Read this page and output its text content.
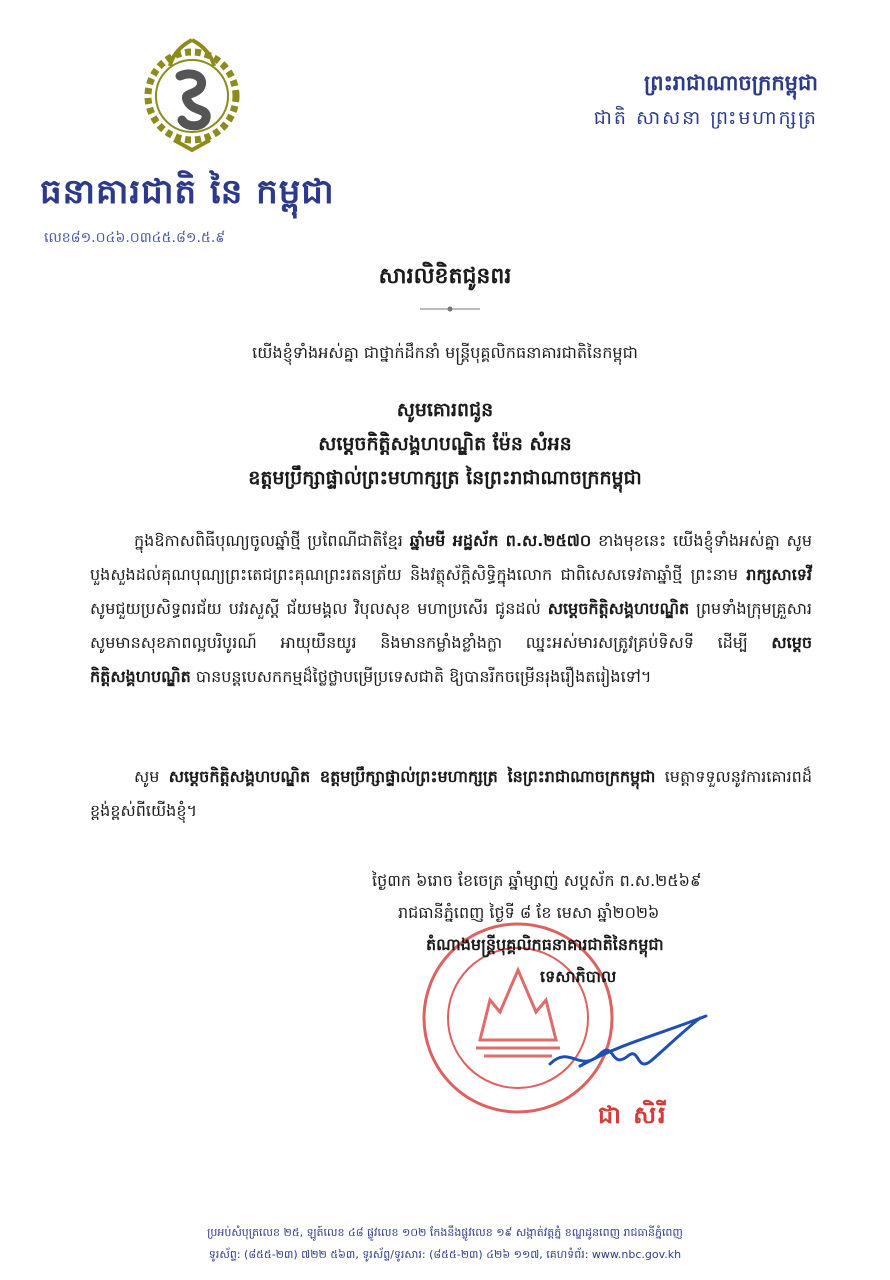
ធនាគារជាតិ នៃ កម្ពុជា
លេខ៨១.០៤៦.០៣៤៥.៨១.៥.៩
ព្រះរាជាណាចក្រកម្ពុជា
ជាតិ សាសនា ព្រះមហាក្សត្រ
សារលិខិតជូនពរ
យើងខ្ញុំទាំងអស់គ្នា ជាថ្នាក់ដឹកនាំ មន្ត្រីបុគ្គលិកធនាគារជាតិនៃកម្ពុជា
សូមគោរពជូន
សម្តេចកិត្តិសង្គហបណ្ឌិត ម៉ែន សំអន
ឧត្តមប្រឹក្សាផ្ទាល់ព្រះមហាក្សត្រ នៃព្រះរាជាណាចក្រកម្ពុជា
ក្នុងឱកាសពិធីបុណ្យចូលឆ្នាំថ្មី ប្រពៃណីជាតិខ្មែរ ឆ្នាំមមី អដ្ឋស័ក ព.ស.២៥៧០ ខាងមុខនេះ យើងខ្ញុំទាំងអស់គ្នា សូមបួងសួងដល់គុណបុណ្យព្រះតេជព្រះគុណព្រះរតនត្រ័យ និងវត្ថុស័ក្តិសិទ្ធិក្នុងលោក ជាពិសេសទេវតាឆ្នាំថ្មី ព្រះនាម រាក្សសាទេវី សូមជួយប្រសិទ្ធពរជ័យ បវរសួស្តី ជ័យមង្គល វិបុលសុខ មហាប្រសើរ ជូនដល់ សម្តេចកិត្តិសង្គហបណ្ឌិត ព្រមទាំងក្រុមគ្រួសារ សូមមានសុខភាពល្អបរិបូរណ៍ អាយុយឺនយូរ និងមានកម្លាំងខ្លាំងក្លា ឈ្នះអស់មារសត្រូវគ្រប់ទិសទី ដើម្បី សម្តេចកិត្តិសង្គហបណ្ឌិត បានបន្តបេសកកម្មដ៏ថ្លៃថ្លាបម្រើប្រទេសជាតិ ឱ្យបានរីកចម្រើនរុងរឿងតរៀងទៅ។
សូម សម្តេចកិត្តិសង្គហបណ្ឌិត ឧត្តមប្រឹក្សាផ្ទាល់ព្រះមហាក្សត្រ នៃព្រះរាជាណាចក្រកម្ពុជា មេត្តាទទួលនូវការគោរពដ៏ខ្ពង់ខ្ពស់ពីយើងខ្ញុំ។
ថ្ងៃ៣ក ៦រោច ខែចេត្រ ឆ្នាំម្សាញ់ សប្តស័ក ព.ស.២៥៦៩
រាជធានីភ្នំពេញ ថ្ងៃទី ៨ ខែ មេសា ឆ្នាំ២០២៦
តំណាងមន្ត្រីបុគ្គលិកធនាគារជាតិនៃកម្ពុជា
ទេសាភិបាល
ជា សិរី
ប្រអប់សំបុត្រលេខ ២៥, ឡូត៍លេខ ៤៨ ផ្លូវលេខ ១០២ កែងនឹងផ្លូវលេខ ១៩ សង្កាត់វត្តភ្នំ ខណ្ឌដូនពេញ រាជធានីភ្នំពេញ
ទូរស័ព្ទ: (៨៥៥-២៣) ៧២២ ៥៦៣, ទូរស័ព្ទ/ទូរសារ: (៨៥៥-២៣) ៤២៦ ១១៧, គេហទំព័រ: www.nbc.gov.kh
